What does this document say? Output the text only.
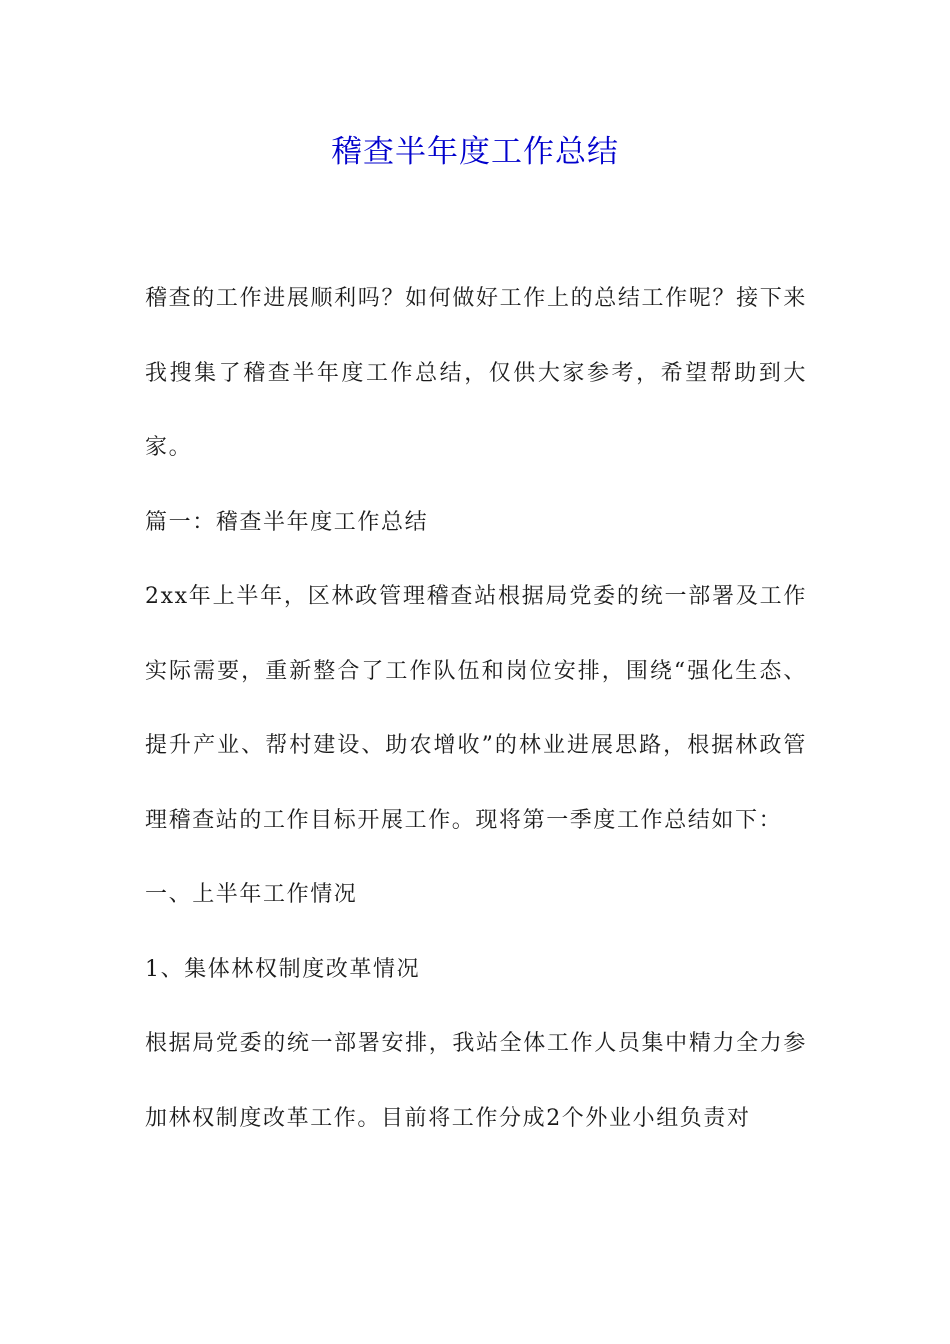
稽查半年度工作总结

稽查的工作进展顺利吗？如何做好工作上的总结工作呢？接下来我搜集了稽查半年度工作总结，仅供大家参考，希望帮助到大家。

篇一：稽查半年度工作总结

2xx年上半年，区林政管理稽查站根据局党委的统一部署及工作实际需要，重新整合了工作队伍和岗位安排，围绕“强化生态、提升产业、帮村建设、助农增收”的林业进展思路，根据林政管理稽查站的工作目标开展工作。现将第一季度工作总结如下：

一、上半年工作情况

1、集体林权制度改革情况

根据局党委的统一部署安排，我站全体工作人员集中精力全力参加林权制度改革工作。目前将工作分成2个外业小组负责对
